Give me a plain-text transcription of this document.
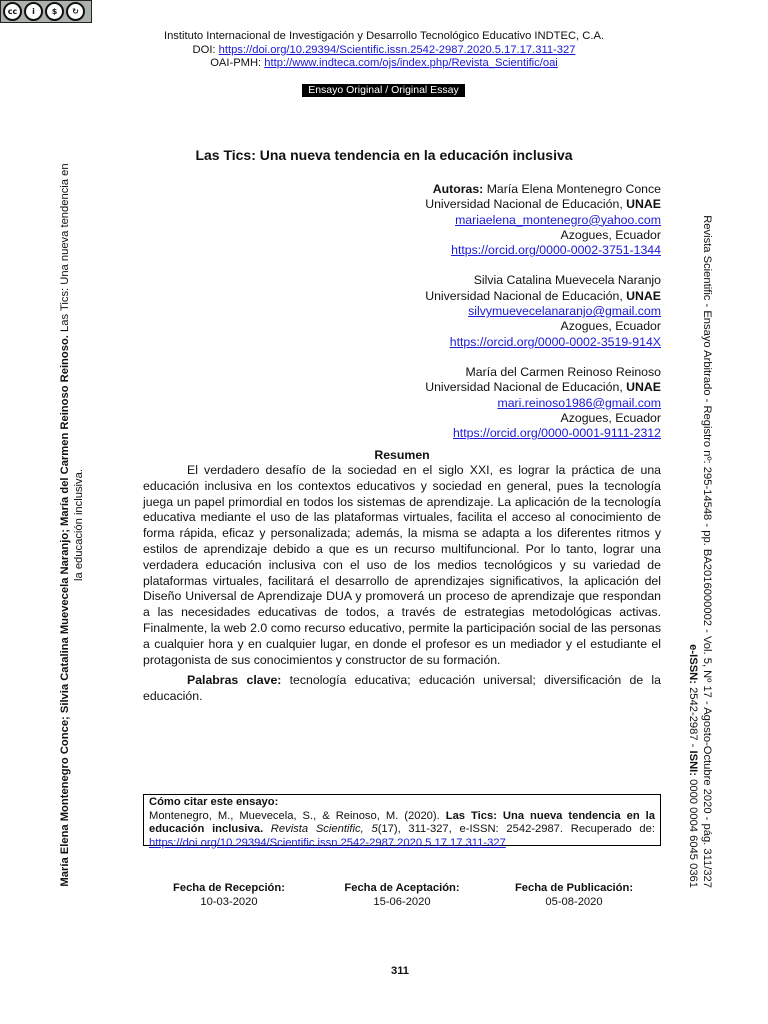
cc	i	$	↻
Instituto Internacional de Investigación y Desarrollo Tecnológico Educativo INDTEC, C.A.
DOI: https://doi.org/10.29394/Scientific.issn.2542-2987.2020.5.17.17.311-327
OAI-PMH: http://www.indteca.com/ojs/index.php/Revista_Scientific/oai
Ensayo Original / Original Essay
Las Tics: Una nueva tendencia en la educación inclusiva
Autoras: María Elena Montenegro Conce
Universidad Nacional de Educación, UNAE
mariaelena_montenegro@yahoo.com
Azogues, Ecuador
https://orcid.org/0000-0002-3751-1344
Silvia Catalina Muevecela Naranjo
Universidad Nacional de Educación, UNAE
silvymuevecelanaranjo@gmail.com
Azogues, Ecuador
https://orcid.org/0000-0002-3519-914X
María del Carmen Reinoso Reinoso
Universidad Nacional de Educación, UNAE
mari.reinoso1986@gmail.com
Azogues, Ecuador
https://orcid.org/0000-0001-9111-2312
Resumen

El verdadero desafío de la sociedad en el siglo XXI, es lograr la práctica de una educación inclusiva en los contextos educativos y sociedad en general, pues la tecnología juega un papel primordial en todos los sistemas de aprendizaje. La aplicación de la tecnología educativa mediante el uso de las plataformas virtuales, facilita el acceso al conocimiento de forma rápida, eficaz y personalizada; además, la misma se adapta a los diferentes ritmos y estilos de aprendizaje debido a que es un recurso multifuncional. Por lo tanto, lograr una verdadera educación inclusiva con el uso de los medios tecnológicos y su variedad de plataformas virtuales, facilitará el desarrollo de aprendizajes significativos, la aplicación del Diseño Universal de Aprendizaje DUA y promoverá un proceso de aprendizaje que respondan a las necesidades educativas de todos, a través de estrategias metodológicas activas. Finalmente, la web 2.0 como recurso educativo, permite la participación social de las personas a cualquier hora y en cualquier lugar, en donde el profesor es un mediador y el estudiante el protagonista de sus conocimientos y constructor de su formación.

Palabras clave: tecnología educativa; educación universal; diversificación de la educación.

Cómo citar este ensayo:
Montenegro, M., Muevecela, S., & Reinoso, M. (2020). Las Tics: Una nueva tendencia en la educación inclusiva. Revista Scientific, 5(17), 311-327, e-ISSN: 2542-2987. Recuperado de: https://doi.org/10.29394/Scientific.issn.2542-2987.2020.5.17.17.311-327
Fecha de Recepción:
10-03-2020
Fecha de Aceptación:
15-06-2020
Fecha de Publicación:
05-08-2020
311
María Elena Montenegro Conce; Silvia Catalina Muevecela Naranjo; María del Carmen Reinoso Reinoso. Las Tics: Una nueva tendencia en
la educación inclusiva.	Revista Scientific - Ensayo Arbitrado - Registro nº: 295-14548 - pp. BA2016000002 - Vol. 5, Nº 17 - Agosto-Octubre 2020 - pág. 311/327
e-ISSN: 2542-2987 - ISNI: 0000 0004 6045 0361
